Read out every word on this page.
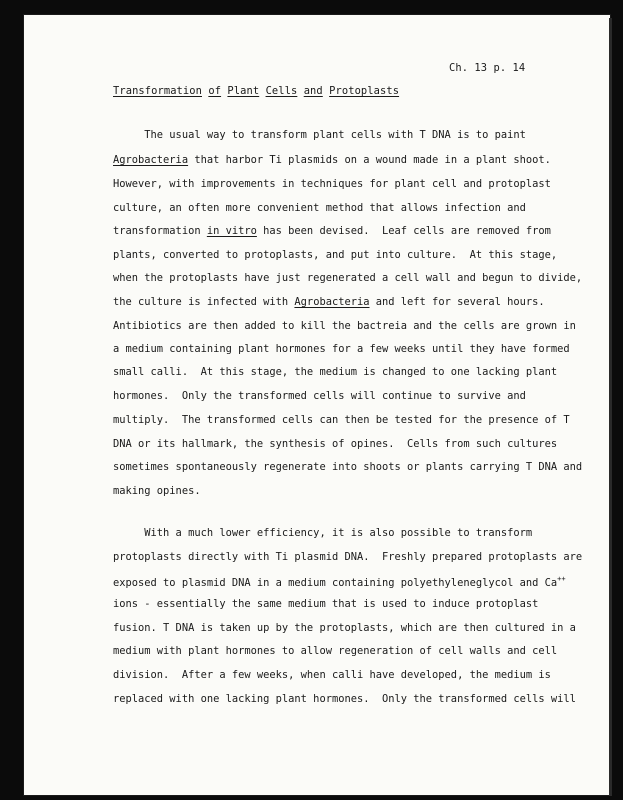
Ch. 13 p. 14
Transformation of Plant Cells and Protoplasts
The usual way to transform plant cells with T DNA is to paint
Agrobacteria that harbor Ti plasmids on a wound made in a plant shoot.
However, with improvements in techniques for plant cell and protoplast
culture, an often more convenient method that allows infection and
transformation in vitro has been devised.  Leaf cells are removed from
plants, converted to protoplasts, and put into culture.  At this stage,
when the protoplasts have just regenerated a cell wall and begun to divide,
the culture is infected with Agrobacteria and left for several hours.
Antibiotics are then added to kill the bactreia and the cells are grown in
a medium containing plant hormones for a few weeks until they have formed
small calli.  At this stage, the medium is changed to one lacking plant
hormones.  Only the transformed cells will continue to survive and
multiply.  The transformed cells can then be tested for the presence of T
DNA or its hallmark, the synthesis of opines.  Cells from such cultures
sometimes spontaneously regenerate into shoots or plants carrying T DNA and
making opines.
With a much lower efficiency, it is also possible to transform
protoplasts directly with Ti plasmid DNA.  Freshly prepared protoplasts are
exposed to plasmid DNA in a medium containing polyethyleneglycol and Ca++
ions - essentially the same medium that is used to induce protoplast
fusion. T DNA is taken up by the protoplasts, which are then cultured in a
medium with plant hormones to allow regeneration of cell walls and cell
division.  After a few weeks, when calli have developed, the medium is
replaced with one lacking plant hormones.  Only the transformed cells will
